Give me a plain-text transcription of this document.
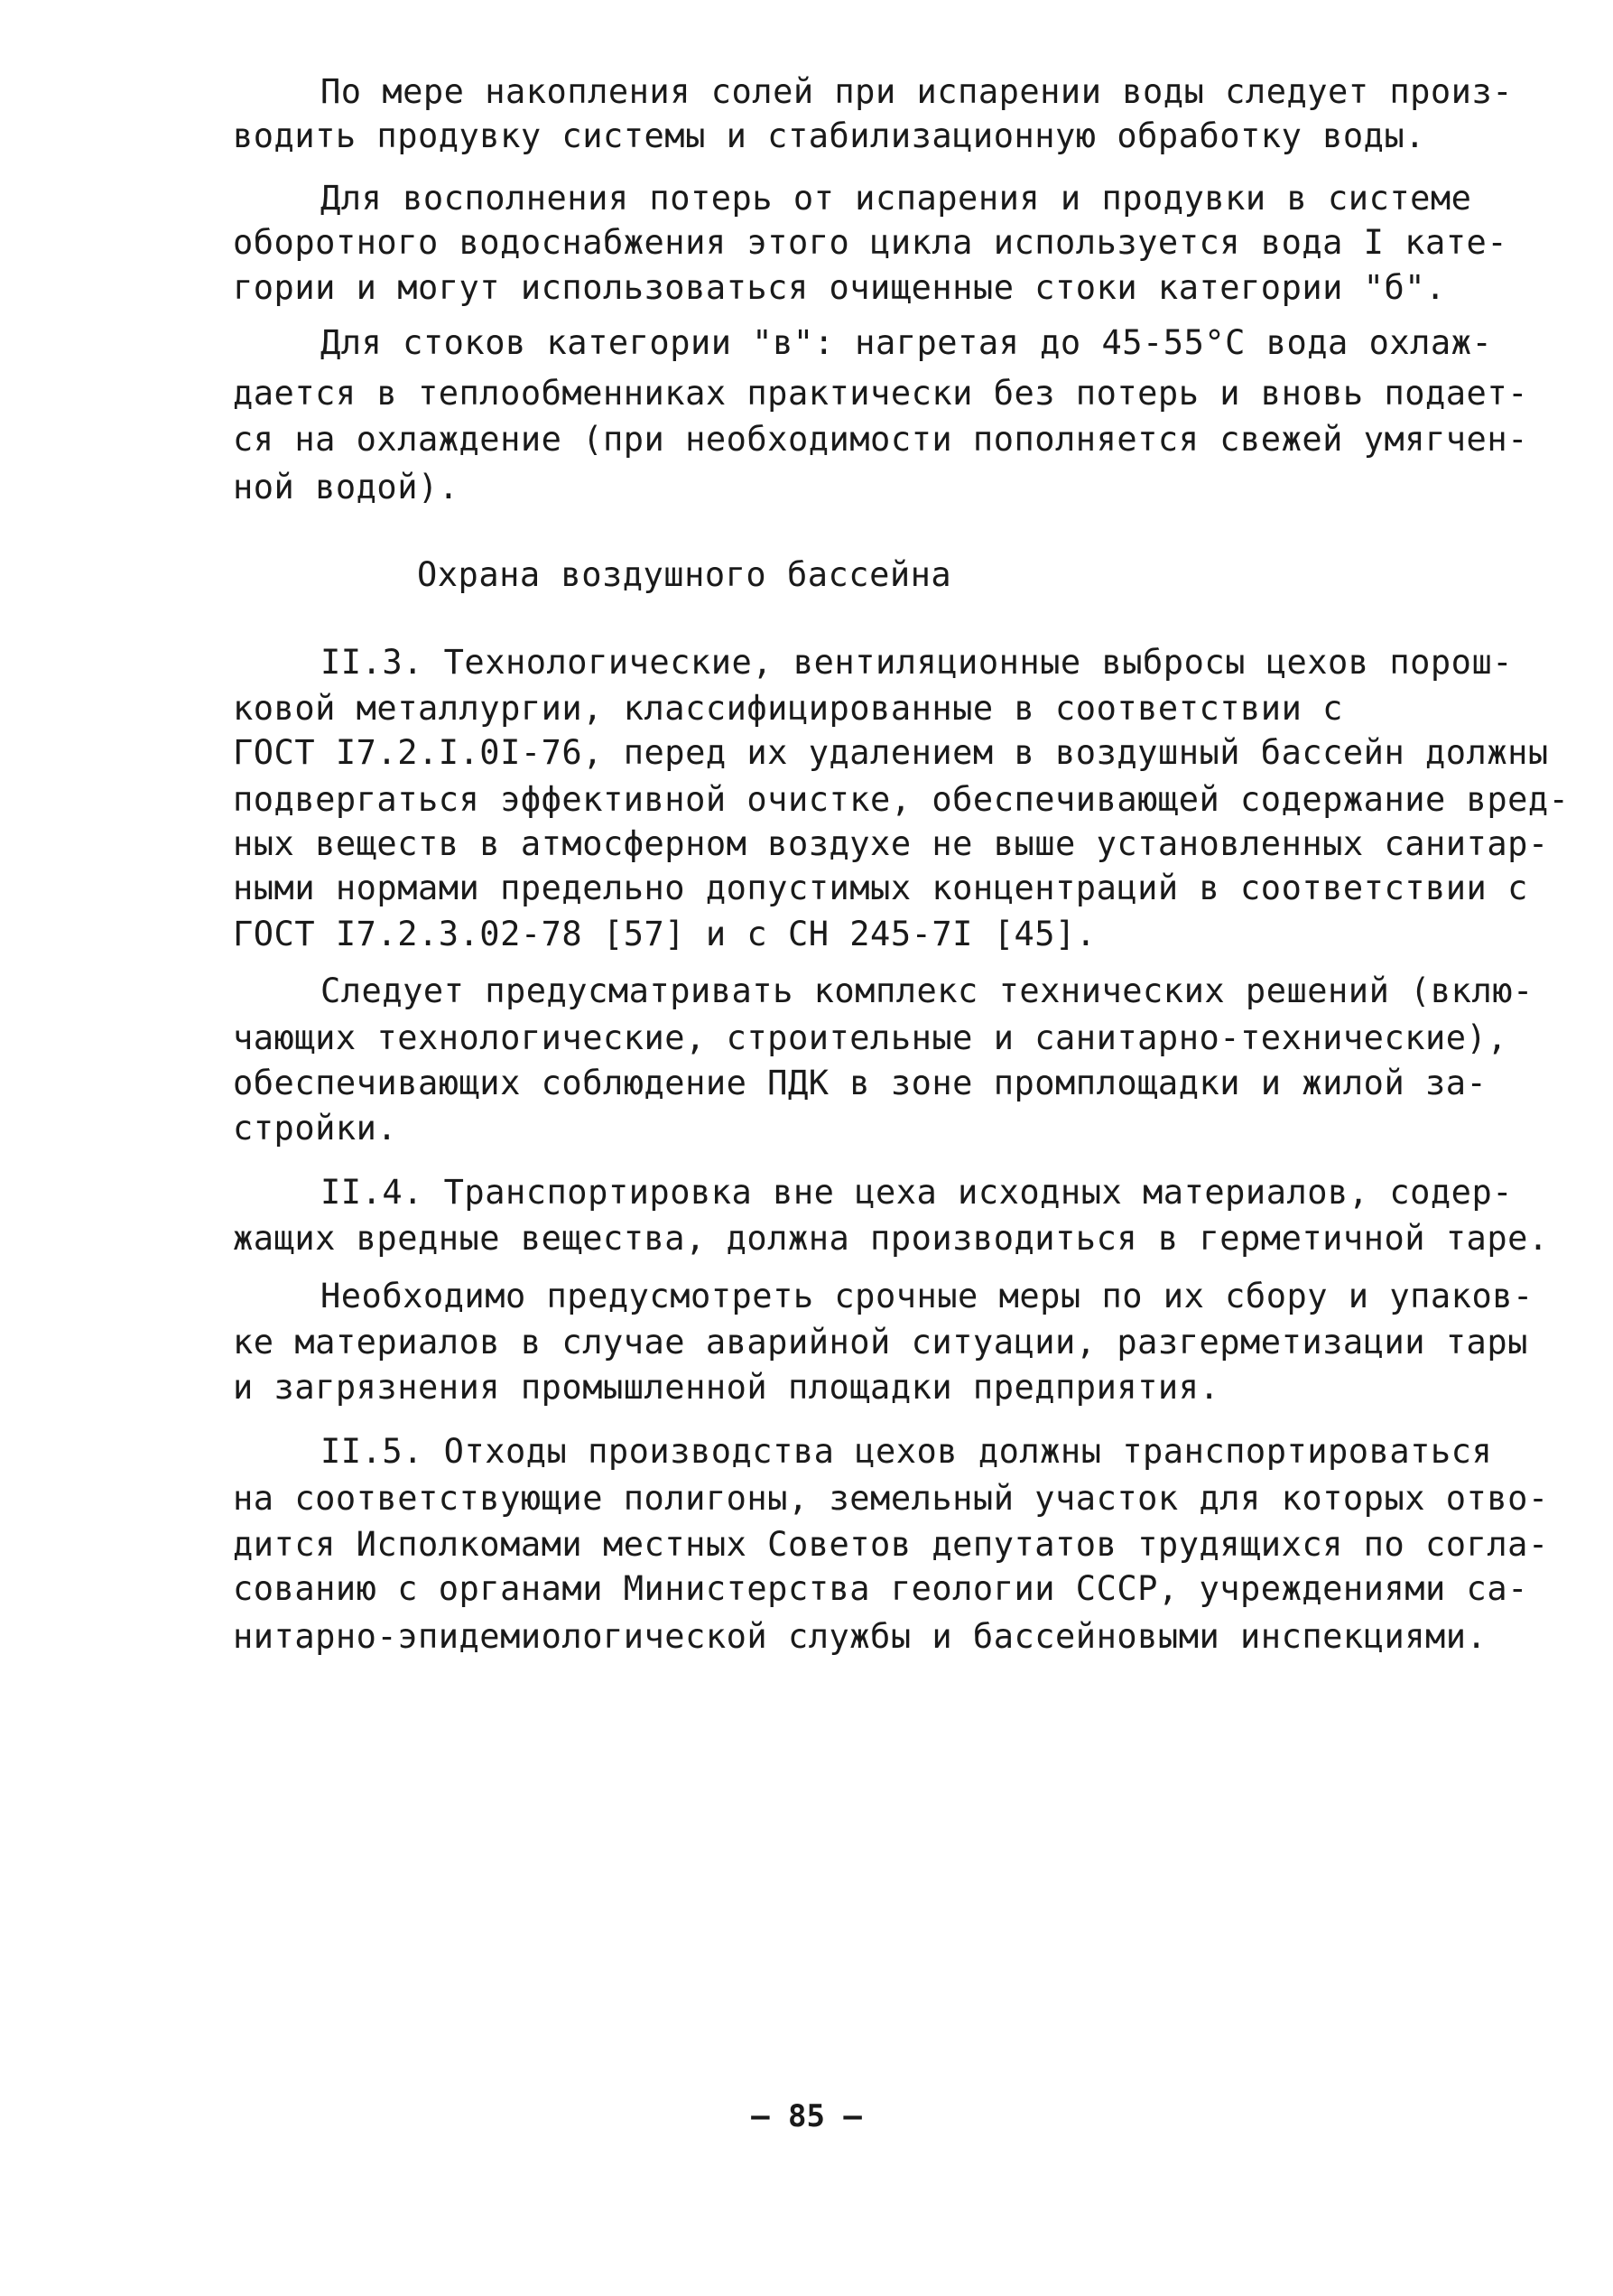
По мере накопления солей при испарении воды следует произ-
водить продувку системы и стабилизационную обработку воды.
Для восполнения потерь от испарения и продувки в системе
оборотного водоснабжения этого цикла используется вода I кате-
гории и могут использоваться очищенные стоки категории "б".
Для стоков категории "в": нагретая до 45-55°C вода охлаж-
дается в теплообменниках практически без потерь и вновь подает-
ся на охлаждение (при необходимости пополняется свежей умягчен-
ной водой).
Охрана воздушного бассейна
II.3. Технологические, вентиляционные выбросы цехов порош-
ковой металлургии, классифицированные в соответствии с
ГОСТ I7.2.I.0I-76, перед их удалением в воздушный бассейн должны
подвергаться эффективной очистке, обеспечивающей содержание вред-
ных веществ в атмосферном воздухе не выше установленных санитар-
ными нормами предельно допустимых концентраций в соответствии с
ГОСТ I7.2.3.02-78 [57] и с СН 245-7I [45].
Следует предусматривать комплекс технических решений (вклю-
чающих технологические, строительные и санитарно-технические),
обеспечивающих соблюдение ПДК в зоне промплощадки и жилой за-
стройки.
II.4. Транспортировка вне цеха исходных материалов, содер-
жащих вредные вещества, должна производиться в герметичной таре.
Необходимо предусмотреть срочные меры по их сбору и упаков-
ке материалов в случае аварийной ситуации, разгерметизации тары
и загрязнения промышленной площадки предприятия.
II.5. Отходы производства цехов должны транспортироваться
на соответствующие полигоны, земельный участок для которых отво-
дится Исполкомами местных Советов депутатов трудящихся по согла-
сованию с органами Министерства геологии СССР, учреждениями са-
нитарно-эпидемиологической службы и бассейновыми инспекциями.
— 85 —
